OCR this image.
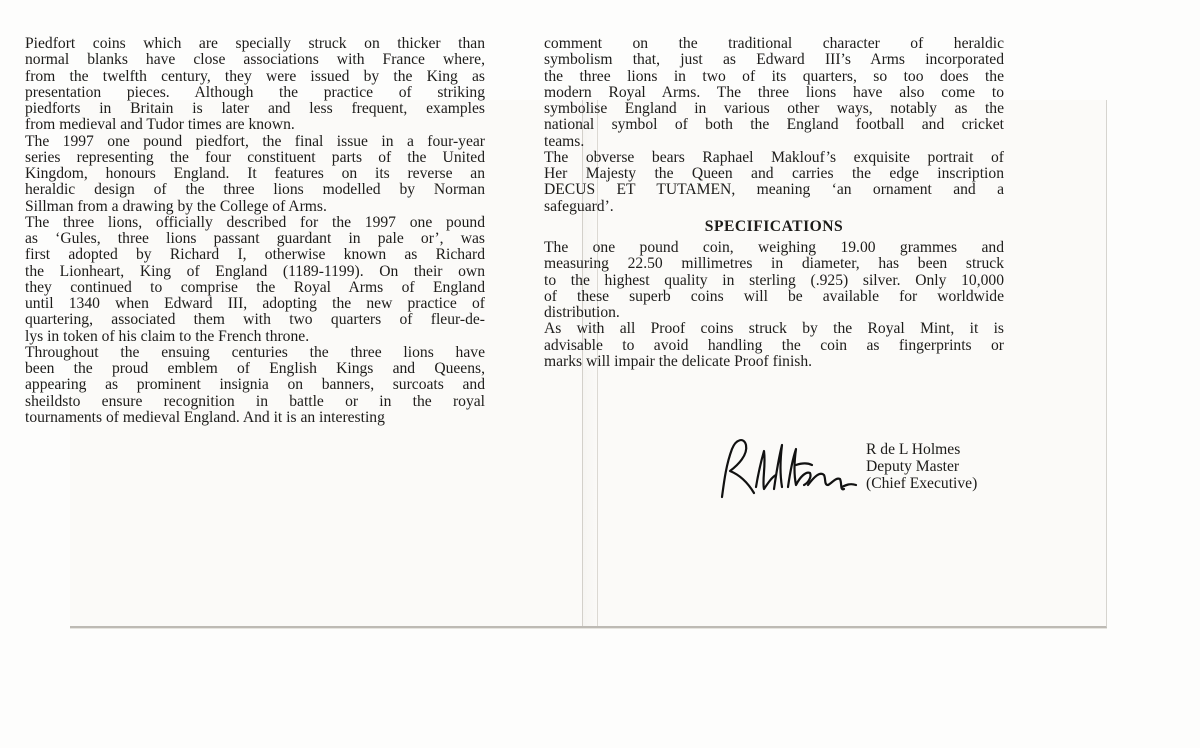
Piedfort coins which are specially struck on thicker than
normal blanks have close associations with France where,
from the twelfth century, they were issued by the King as
presentation pieces. Although the practice of striking
piedforts in Britain is later and less frequent, examples
from medieval and Tudor times are known.
The 1997 one pound piedfort, the final issue in a four-year
series representing the four constituent parts of the United
Kingdom, honours England. It features on its reverse an
heraldic design of the three lions modelled by Norman
Sillman from a drawing by the College of Arms.
The three lions, officially described for the 1997 one pound
as ‘Gules, three lions passant guardant in pale or’, was
first adopted by Richard I, otherwise known as Richard
the Lionheart, King of England (1189-1199). On their own
they continued to comprise the Royal Arms of England
until 1340 when Edward III, adopting the new practice of
quartering, associated them with two quarters of fleur-de-
lys in token of his claim to the French throne.
Throughout the ensuing centuries the three lions have
been the proud emblem of English Kings and Queens,
appearing as prominent insignia on banners, surcoats and
sheildsto ensure recognition in battle or in the royal
tournaments of medieval England. And it is an interesting
comment on the traditional character of heraldic
symbolism that, just as Edward III’s Arms incorporated
the three lions in two of its quarters, so too does the
modern Royal Arms. The three lions have also come to
symbolise England in various other ways, notably as the
national symbol of both the England football and cricket
teams.
The obverse bears Raphael Maklouf’s exquisite portrait of
Her Majesty the Queen and carries the edge inscription
DECUS ET TUTAMEN, meaning ‘an ornament and a
safeguard’.
SPECIFICATIONS
The one pound coin, weighing 19.00 grammes and
measuring 22.50 millimetres in diameter, has been struck
to the highest quality in sterling (.925) silver. Only 10,000
of these superb coins will be available for worldwide
distribution.
As with all Proof coins struck by the Royal Mint, it is
advisable to avoid handling the coin as fingerprints or
marks will impair the delicate Proof finish.
R de L Holmes
Deputy Master
(Chief Executive)
